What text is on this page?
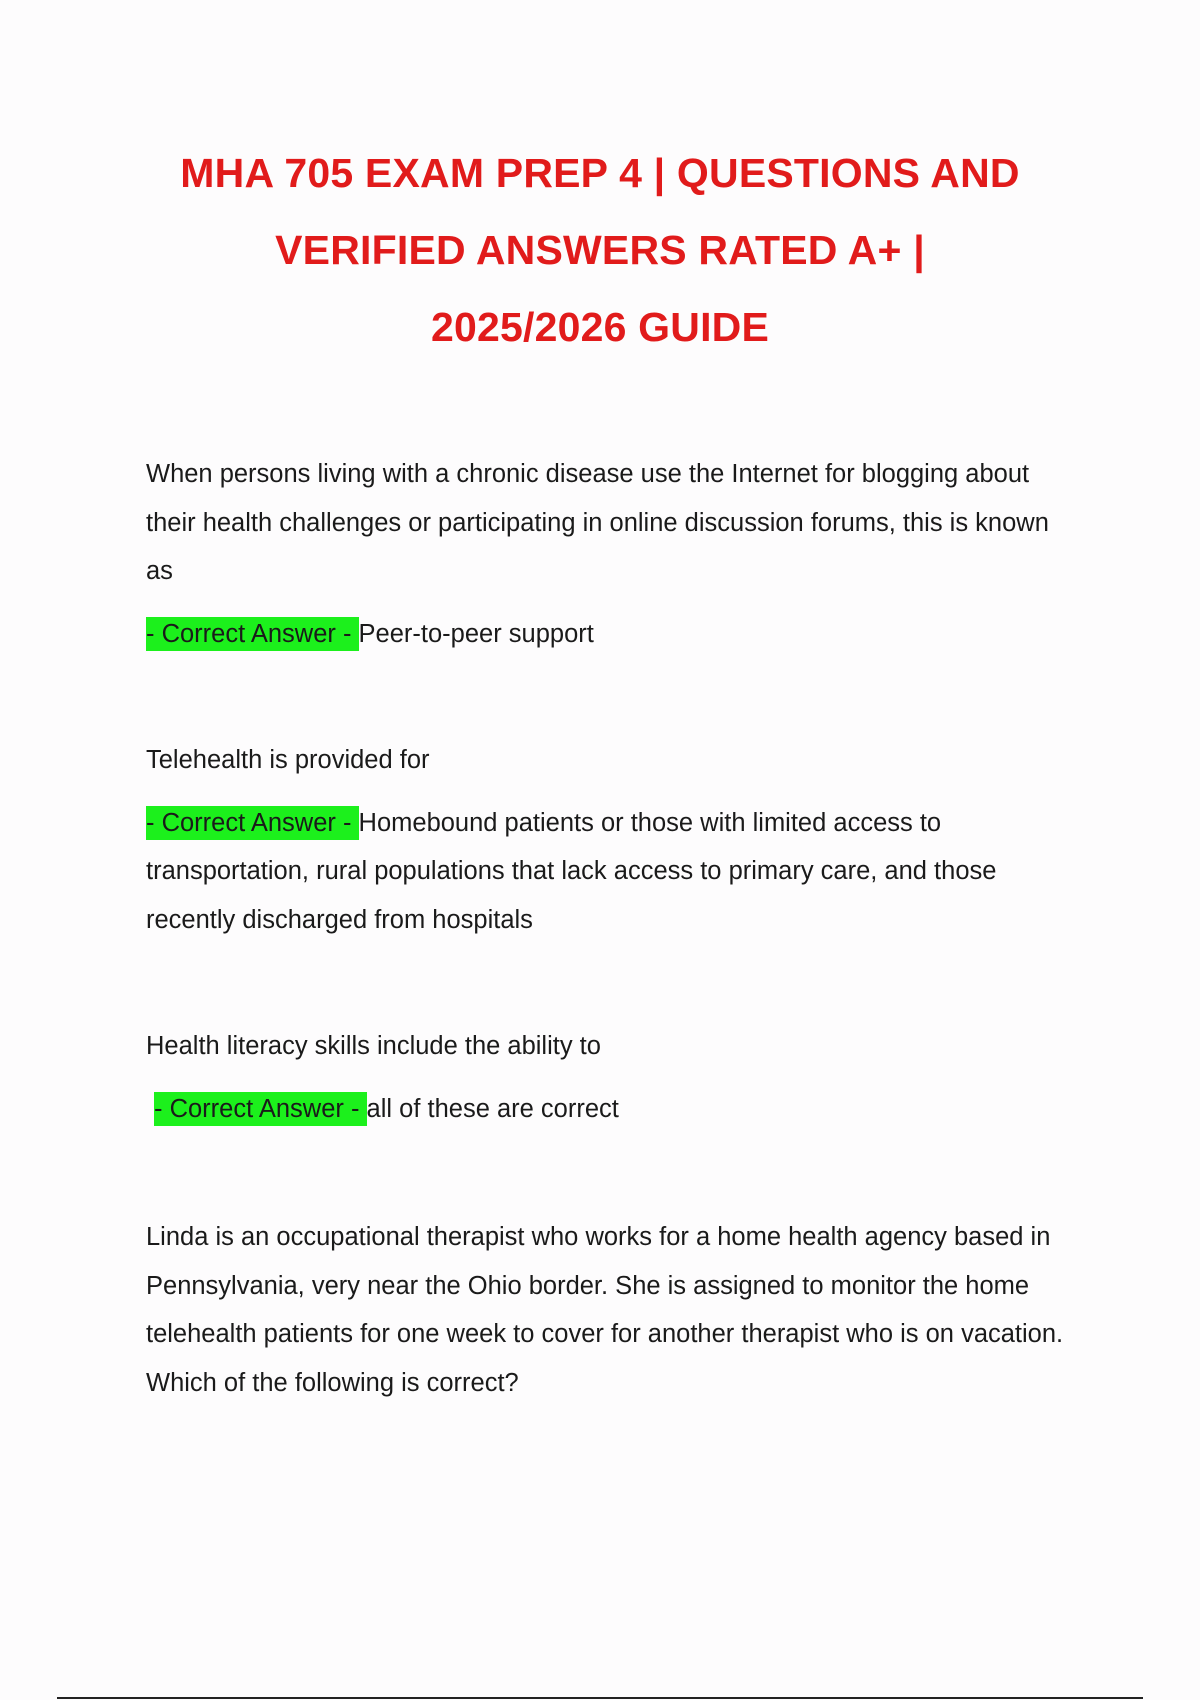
MHA 705 EXAM PREP 4 | QUESTIONS AND
VERIFIED ANSWERS RATED A+ |
2025/2026 GUIDE

When persons living with a chronic disease use the Internet for blogging about their health challenges or participating in online discussion forums, this is known as

- Correct Answer - Peer-to-peer support

Telehealth is provided for

- Correct Answer - Homebound patients or those with limited access to transportation, rural populations that lack access to primary care, and those recently discharged from hospitals

Health literacy skills include the ability to

- Correct Answer - all of these are correct

Linda is an occupational therapist who works for a home health agency based in Pennsylvania, very near the Ohio border. She is assigned to monitor the home telehealth patients for one week to cover for another therapist who is on vacation. Which of the following is correct?
